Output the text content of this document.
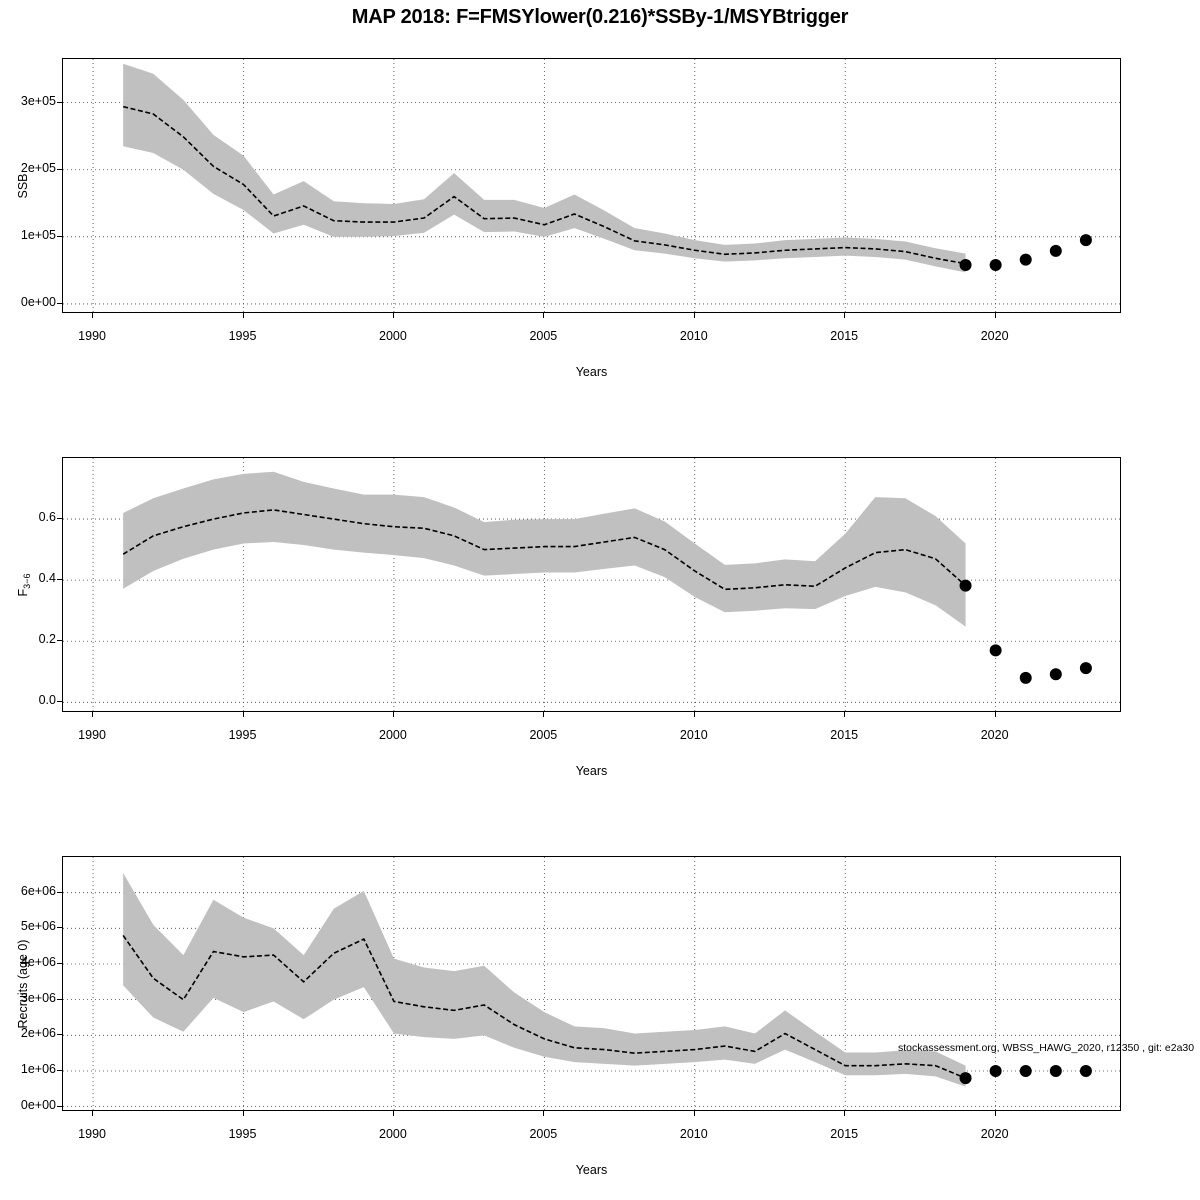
MAP 2018: F=FMSYlower(0.216)*SSBy-1/MSYBtrigger
0e+00
1e+05
2e+05
3e+05
1990	1995	2000	2005	2010	2015	2020
Years
SSB
0.0
0.2
0.4
0.6
1990	1995	2000	2005	2010	2015	2020
Years
$F_{3-6}$
0e+00
1e+06
2e+06
3e+06
4e+06
5e+06
6e+06
1990	1995	2000	2005	2010	2015	2020
Years
Recruits (age 0)
stockassessment.org, WBSS_HAWG_2020, r12350 , git: e2a30
